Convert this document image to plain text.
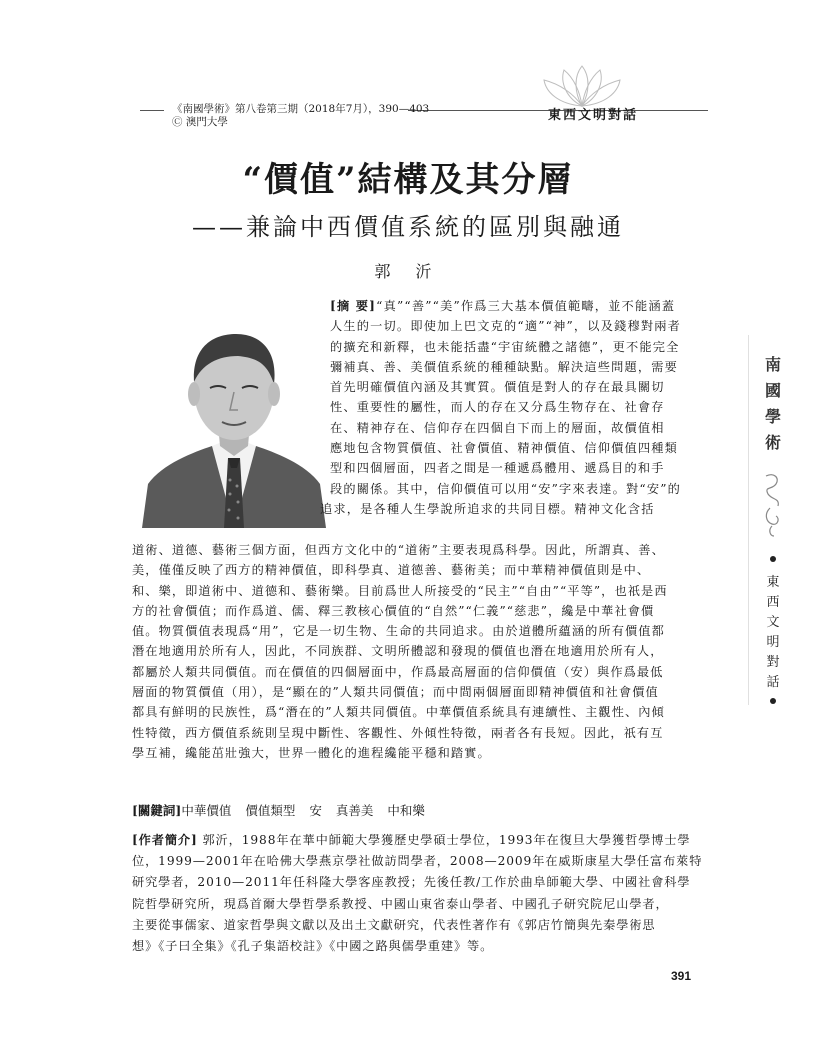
《南國學術》第八卷第三期（2018年7月），390—403
Ⓒ 澳門大學	東西文明對話
“價值”結構及其分層
——兼論中西價值系統的區別與融通
郭 沂
[摘 要]“真”“善”“美”作爲三大基本價值範疇，並不能涵蓋
人生的一切。即使加上巴文克的“適”“神”，以及錢穆對兩者
的擴充和新釋，也未能括盡“宇宙統體之諸德”，更不能完全
彌補真、善、美價值系統的種種缺點。解決這些問題，需要
首先明確價值內涵及其實質。價值是對人的存在最具關切
性、重要性的屬性，而人的存在又分爲生物存在、社會存
在、精神存在、信仰存在四個自下而上的層面，故價值相
應地包含物質價值、社會價值、精神價值、信仰價值四種類
型和四個層面，四者之間是一種遞爲體用、遞爲目的和手
段的關係。其中，信仰價值可以用“安”字來表達。對“安”的
追求，是各種人生學說所追求的共同目標。精神文化含括
道術、道德、藝術三個方面，但西方文化中的“道術”主要表現爲科學。因此，所謂真、善、
美，僅僅反映了西方的精神價值，即科學真、道德善、藝術美；而中華精神價值則是中、
和、樂，即道術中、道德和、藝術樂。目前爲世人所接受的“民主”“自由”“平等”，也祇是西
方的社會價值；而作爲道、儒、釋三教核心價值的“自然”“仁義”“慈悲”，纔是中華社會價
值。物質價值表現爲“用”，它是一切生物、生命的共同追求。由於道體所蘊涵的所有價值都
潛在地適用於所有人，因此，不同族群、文明所體認和發現的價值也潛在地適用於所有人，
都屬於人類共同價值。而在價值的四個層面中，作爲最高層面的信仰價值（安）與作爲最低
層面的物質價值（用），是“顯在的”人類共同價值；而中間兩個層面即精神價值和社會價值
都具有鮮明的民族性，爲“潛在的”人類共同價值。中華價值系統具有連續性、主觀性、內傾
性特徵，西方價值系統則呈現中斷性、客觀性、外傾性特徵，兩者各有長短。因此，祇有互
學互補，纔能茁壯強大，世界一體化的進程纔能平穩和踏實。
[關鍵詞]中華價值 價值類型 安 真善美 中和樂
[作者簡介] 郭沂，1988年在華中師範大學獲歷史學碩士學位，1993年在復旦大學獲哲學博士學
位，1999—2001年在哈佛大學燕京學社做訪問學者，2008—2009年在威斯康星大學任富布萊特
研究學者，2010—2011年任科隆大學客座教授；先後任教/工作於曲阜師範大學、中國社會科學
院哲學研究所，現爲首爾大學哲學系教授、中國山東省泰山學者、中國孔子研究院尼山學者，
主要從事儒家、道家哲學與文獻以及出土文獻研究，代表性著作有《郭店竹簡與先秦學術思
想》《子曰全集》《孔子集語校註》《中國之路與儒學重建》等。
391
南
國
學
術
東
西
文
明
對
話
